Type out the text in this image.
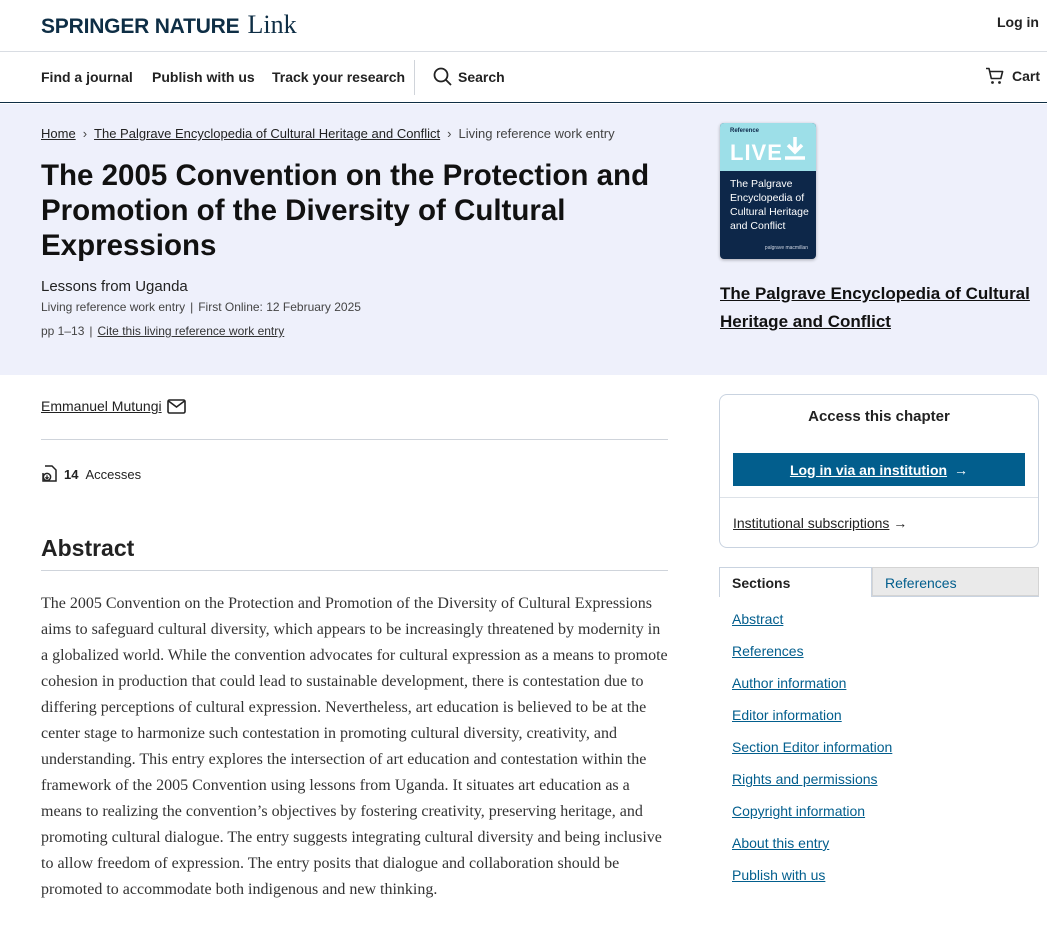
SPRINGER NATURE Link	Log in
Find a journal Publish with us Track your research	Search	Cart
Home › The Palgrave Encyclopedia of Cultural Heritage and Conflict › Living reference work entry
The 2005 Convention on the Protection and Promotion of the Diversity of Cultural Expressions
Lessons from Uganda
Living reference work entry | First Online: 12 February 2025
pp 1–13 | Cite this living reference work entry
Reference
LIVE
The Palgrave Encyclopedia of Cultural Heritage and Conflict
palgrave macmillan
The Palgrave Encyclopedia of Cultural Heritage and Conflict
Emmanuel Mutungi
14 Accesses
Abstract

The 2005 Convention on the Protection and Promotion of the Diversity of Cultural Expressions aims to safeguard cultural diversity, which appears to be increasingly threatened by modernity in a globalized world. While the convention advocates for cultural expression as a means to promote cohesion in production that could lead to sustainable development, there is contestation due to differing perceptions of cultural expression. Nevertheless, art education is believed to be at the center stage to harmonize such contestation in promoting cultural diversity, creativity, and understanding. This entry explores the intersection of art education and contestation within the framework of the 2005 Convention using lessons from Uganda. It situates art education as a means to realizing the convention’s objectives by fostering creativity, preserving heritage, and promoting cultural dialogue. The entry suggests integrating cultural diversity and being inclusive to allow freedom of expression. The entry posits that dialogue and collaboration should be promoted to accommodate both indigenous and new thinking.

Access this chapter
Log in via an institution →
Institutional subscriptions →
Sections	References
Abstract
References
Author information
Editor information
Section Editor information
Rights and permissions
Copyright information
About this entry
Publish with us
